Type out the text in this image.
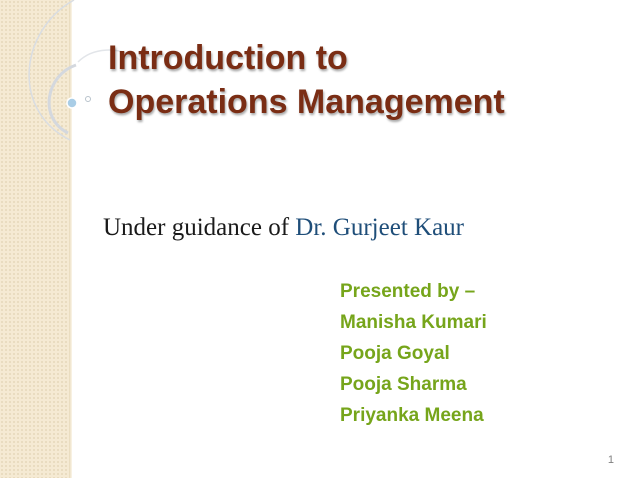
Introduction to
Operations Management
Under guidance of Dr. Gurjeet Kaur
Presented by –
Manisha Kumari
Pooja Goyal
Pooja Sharma
Priyanka Meena
1
